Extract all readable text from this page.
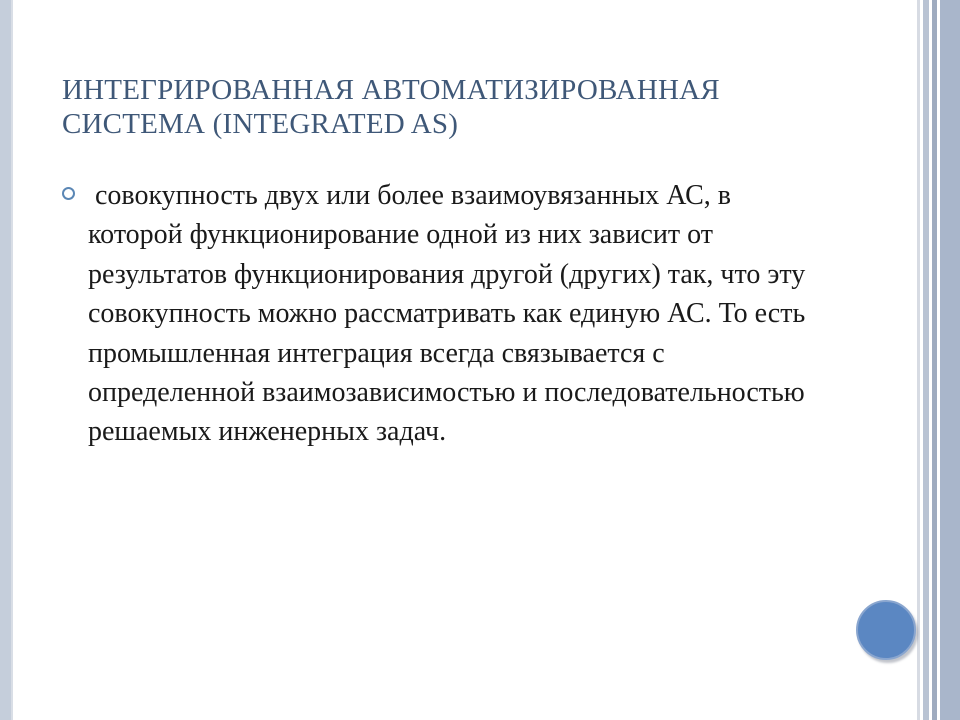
ИНТЕГРИРОВАННАЯ АВТОМАТИЗИРОВАННАЯ СИСТЕМА (INTEGRATED AS)
совокупность двух или более взаимоувязанных АС, в которой функционирование одной из них зависит от результатов функционирования другой (других) так, что эту совокупность можно рассматривать как единую АС. То есть промышленная интеграция всегда связывается с определенной взаимозависимостью и последовательностью решаемых инженерных задач.
